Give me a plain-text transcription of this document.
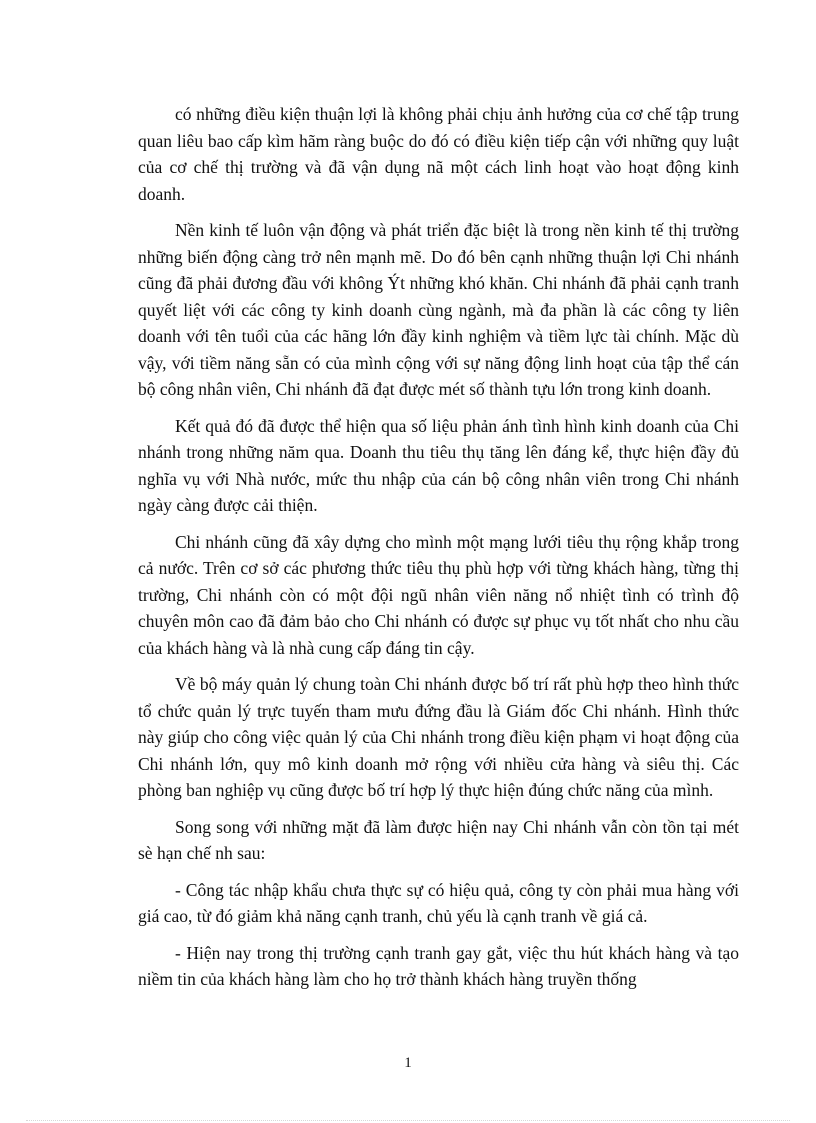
có những điều kiện thuận lợi là không phải chịu ảnh hưởng của cơ chế tập trung quan liêu bao cấp kìm hãm ràng buộc do đó có điều kiện tiếp cận với những quy luật của cơ chế thị trường và đã vận dụng nã một cách linh hoạt vào hoạt động kinh doanh.

Nền kinh tế luôn vận động và phát triển đặc biệt là trong nền kinh tế thị trường những biến động càng trở nên mạnh mẽ. Do đó bên cạnh những thuận lợi Chi nhánh cũng đã phải đương đầu với không Ýt những khó khăn. Chi nhánh đã phải cạnh tranh quyết liệt với các công ty kinh doanh cùng ngành, mà đa phần là các công ty liên doanh với tên tuổi của các hãng lớn đầy kinh nghiệm và tiềm lực tài chính. Mặc dù vậy, với tiềm năng sẵn có của mình cộng với sự năng động linh hoạt của tập thể cán bộ công nhân viên, Chi nhánh đã đạt được mét số thành tựu lớn trong kinh doanh.

Kết quả đó đã được thể hiện qua số liệu phản ánh tình hình kinh doanh của Chi nhánh trong những năm qua. Doanh thu tiêu thụ tăng lên đáng kể, thực hiện đầy đủ nghĩa vụ với Nhà nước, mức thu nhập của cán bộ công nhân viên trong Chi nhánh ngày càng được cải thiện.

Chi nhánh cũng đã xây dựng cho mình một mạng lưới tiêu thụ rộng khắp trong cả nước. Trên cơ sở các phương thức tiêu thụ phù hợp với từng khách hàng, từng thị trường, Chi nhánh còn có một đội ngũ nhân viên năng nổ nhiệt tình có trình độ chuyên môn cao đã đảm bảo cho Chi nhánh có được sự phục vụ tốt nhất cho nhu cầu của khách hàng và là nhà cung cấp đáng tin cậy.

Về bộ máy quản lý chung toàn Chi nhánh được bố trí rất phù hợp theo hình thức tổ chức quản lý trực tuyến tham mưu đứng đầu là Giám đốc Chi nhánh. Hình thức này giúp cho công việc quản lý của Chi nhánh trong điều kiện phạm vi hoạt động của Chi nhánh lớn, quy mô kinh doanh mở rộng với nhiều cửa hàng và siêu thị. Các phòng ban nghiệp vụ cũng được bố trí hợp lý thực hiện đúng chức năng của mình.

Song song với những mặt đã làm được hiện nay Chi nhánh vẫn còn tồn tại mét sè hạn chế nh sau:

- Công tác nhập khẩu chưa thực sự có hiệu quả, công ty còn phải mua hàng với giá cao, từ đó giảm khả năng cạnh tranh, chủ yếu là cạnh tranh về giá cả.

- Hiện nay trong thị trường cạnh tranh gay gắt, việc thu hút khách hàng và tạo niềm tin của khách hàng làm cho họ trở thành khách hàng truyền thống

1
